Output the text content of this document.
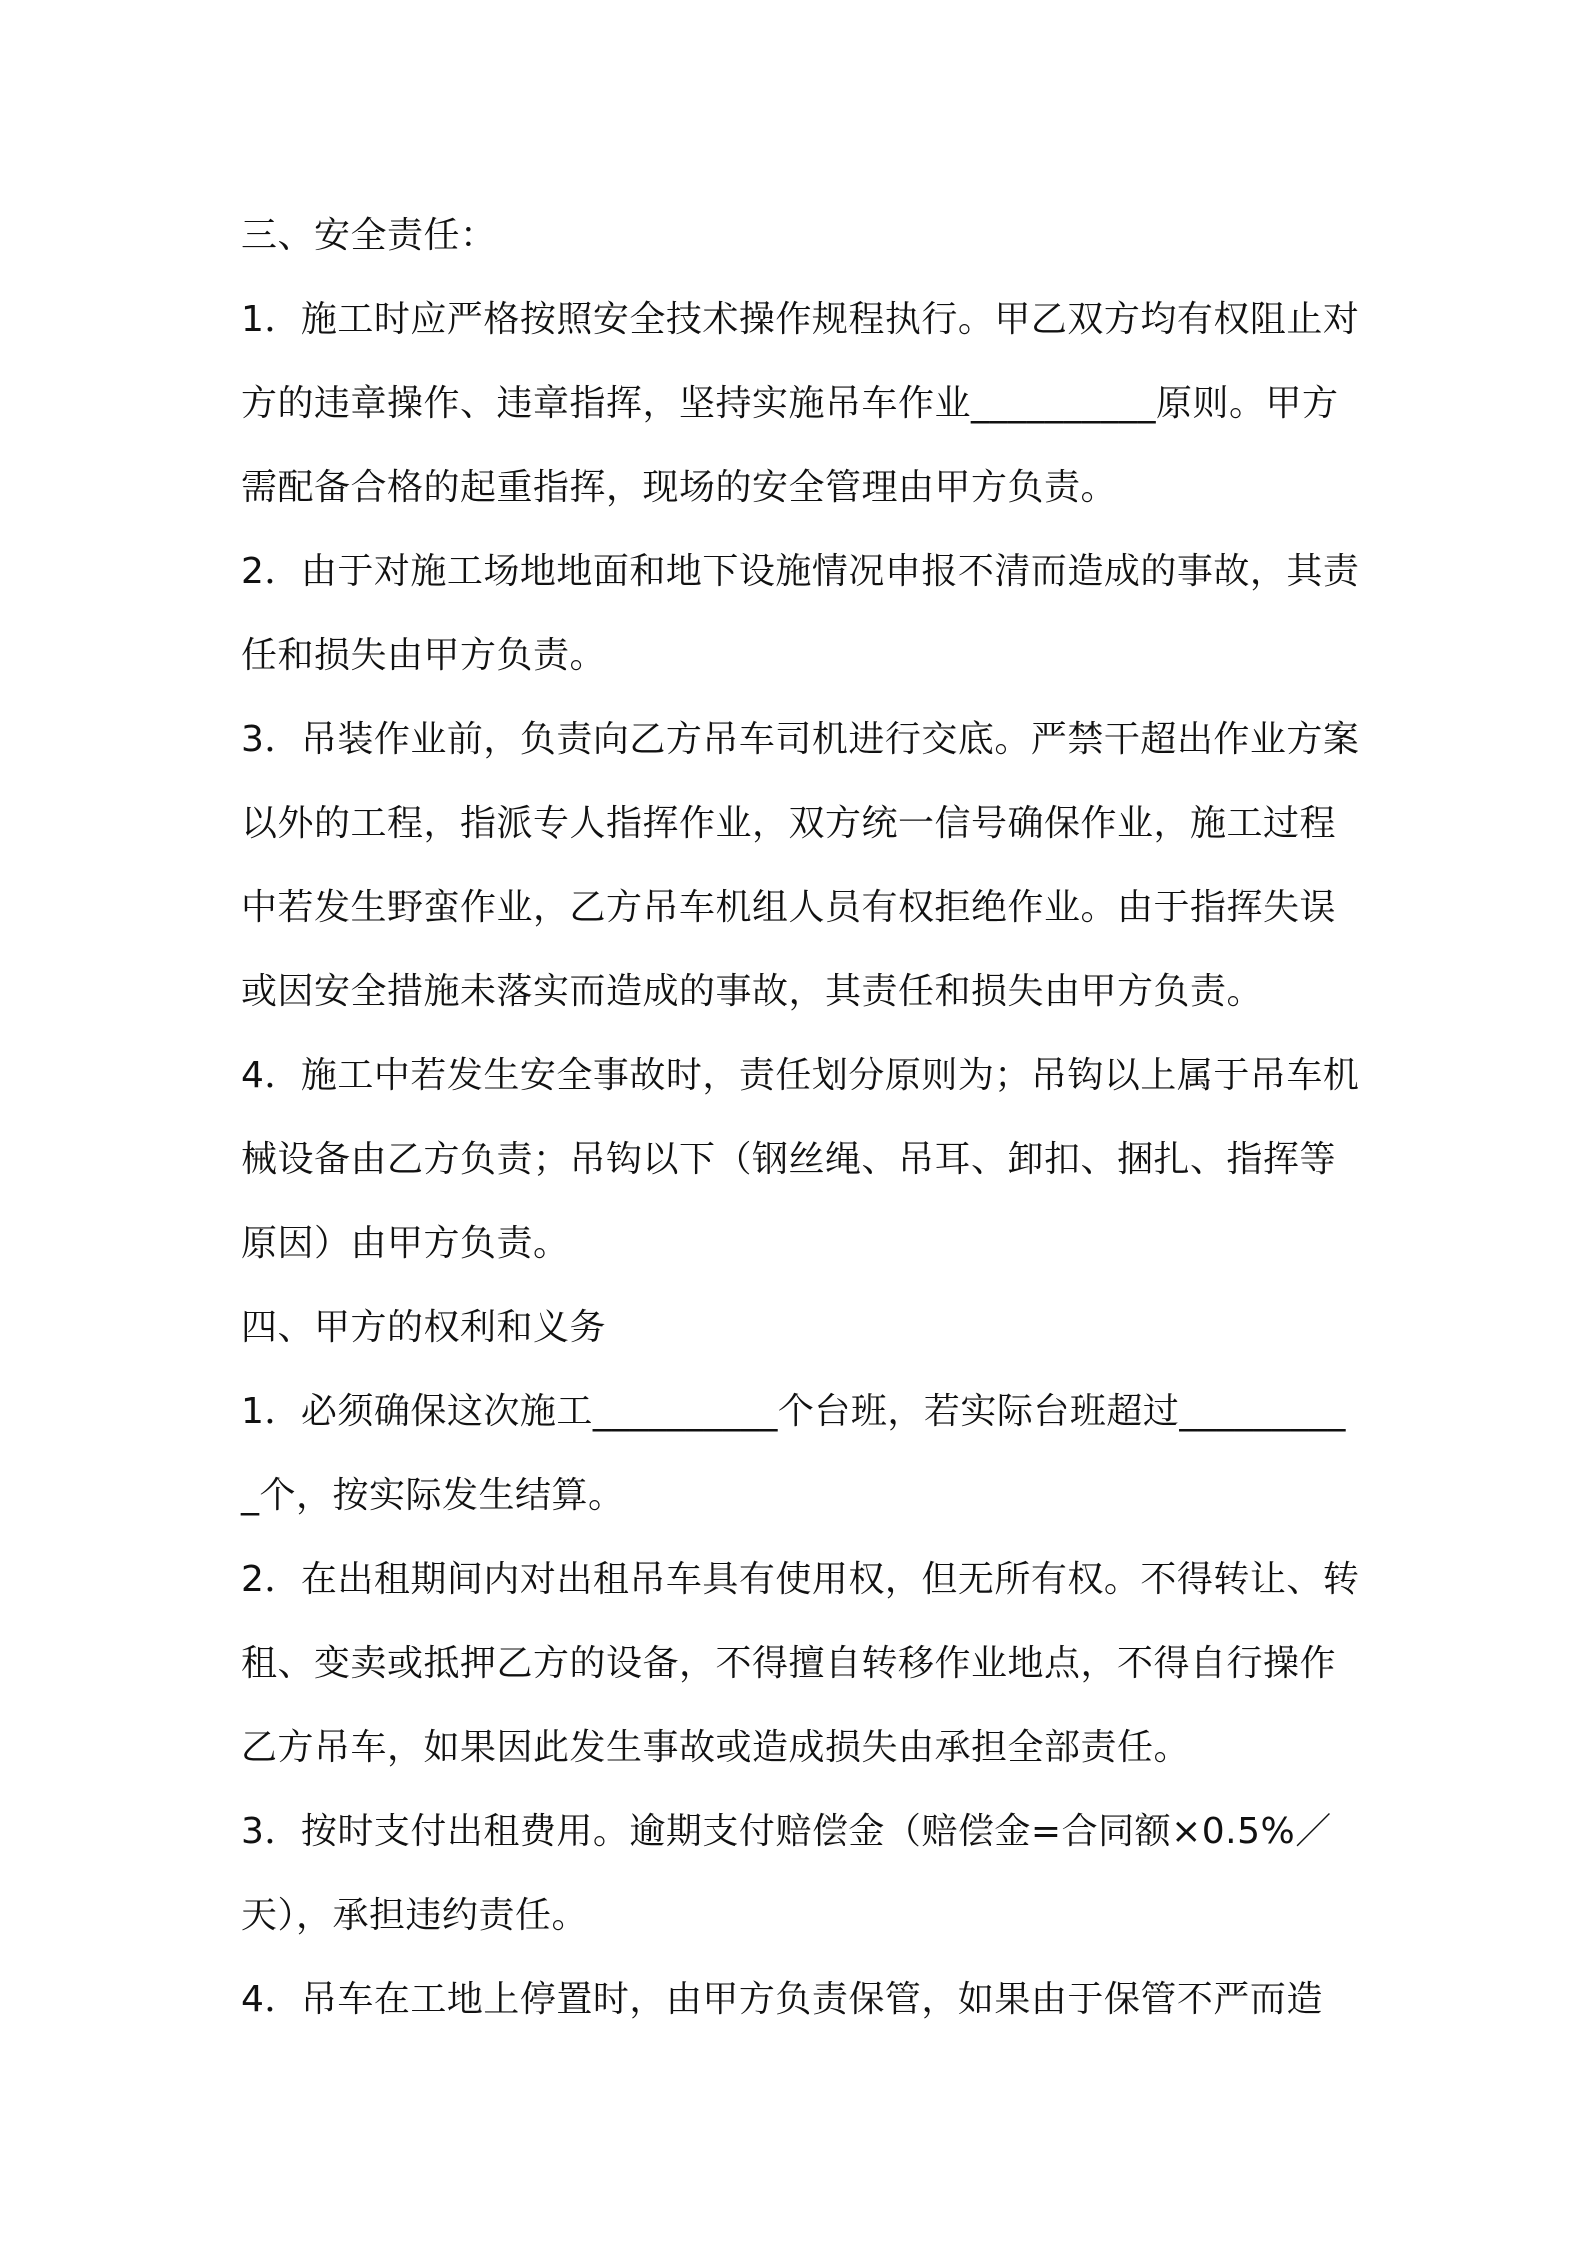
三、安全责任：

1．施工时应严格按照安全技术操作规程执行。甲乙双方均有权阻止对方的违章操作、违章指挥，坚持实施吊车作业__________原则。甲方需配备合格的起重指挥，现场的安全管理由甲方负责。

2．由于对施工场地地面和地下设施情况申报不清而造成的事故，其责任和损失由甲方负责。

3．吊装作业前，负责向乙方吊车司机进行交底。严禁干超出作业方案以外的工程，指派专人指挥作业，双方统一信号确保作业，施工过程中若发生野蛮作业，乙方吊车机组人员有权拒绝作业。由于指挥失误或因安全措施未落实而造成的事故，其责任和损失由甲方负责。

4．施工中若发生安全事故时，责任划分原则为；吊钩以上属于吊车机械设备由乙方负责；吊钩以下（钢丝绳、吊耳、卸扣、捆扎、指挥等原因）由甲方负责。

四、甲方的权利和义务

1．必须确保这次施工__________个台班，若实际台班超过__________个，按实际发生结算。

2．在出租期间内对出租吊车具有使用权，但无所有权。不得转让、转租、变卖或抵押乙方的设备，不得擅自转移作业地点，不得自行操作乙方吊车，如果因此发生事故或造成损失由承担全部责任。

3．按时支付出租费用。逾期支付赔偿金（赔偿金=合同额×0.5%／天），承担违约责任。

4．吊车在工地上停置时，由甲方负责保管，如果由于保管不严而造
